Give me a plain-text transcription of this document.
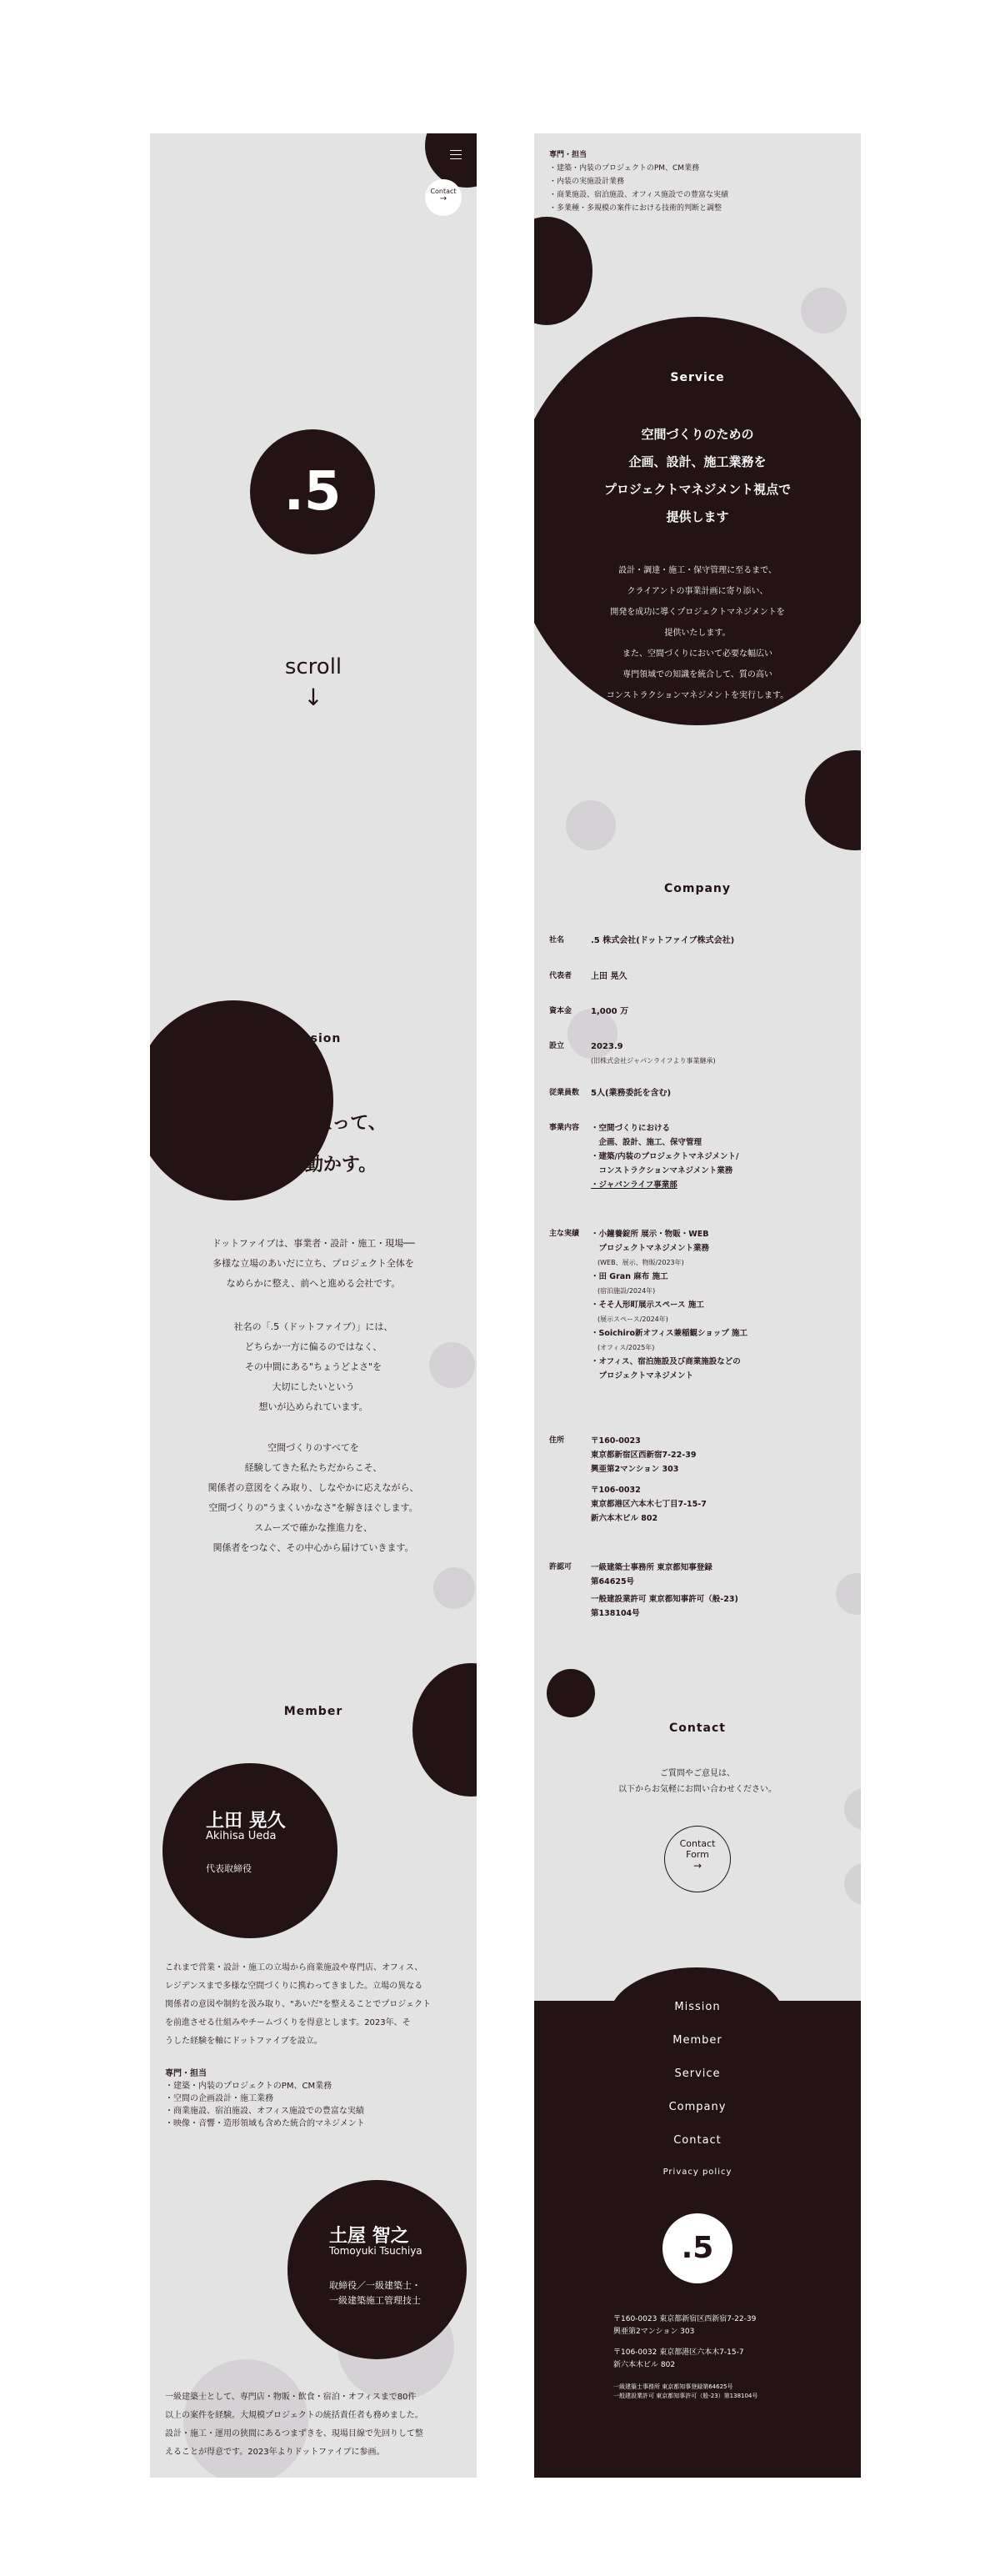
Contact
→
.5
scroll
↓
Mission
あいだに立って、
空間を動かす。
ドットファイブは、事業者・設計・施工・現場──
多様な立場のあいだに立ち、プロジェクト全体を
なめらかに整え、前へと進める会社です。
社名の「.5（ドットファイブ）」には、
どちらか一方に偏るのではなく、
その中間にある"ちょうどよさ"を
大切にしたいという
想いが込められています。
空間づくりのすべてを
経験してきた私たちだからこそ、
関係者の意図をくみ取り、しなやかに応えながら、
空間づくりの"うまくいかなさ"を解きほぐします。
スムーズで確かな推進力を、
関係者をつなぐ、その中心から届けていきます。
Member
上田 晃久
Akihisa Ueda
代表取締役
これまで営業・設計・施工の立場から商業施設や専門店、オフィス、
レジデンスまで多様な空間づくりに携わってきました。立場の異なる
関係者の意図や制約を汲み取り、"あいだ"を整えることでプロジェクト
を前進させる仕組みやチームづくりを得意とします。2023年、そ
うした経験を軸にドットファイブを設立。
専門・担当
・建築・内装のプロジェクトのPM、CM業務
・空間の企画設計・施工業務
・商業施設、宿泊施設、オフィス施設での豊富な実績
・映像・音響・造形領域も含めた統合的マネジメント
土屋 智之
Tomoyuki Tsuchiya
取締役／一級建築士・
一級建築施工管理技士
一級建築士として、専門店・物販・飲食・宿泊・オフィスまで80件
以上の案件を経験。大規模プロジェクトの統括責任者も務めました。
設計・施工・運用の狭間にあるつまずきを、現場目線で先回りして整
えることが得意です。2023年よりドットファイブに参画。
専門・担当
・建築・内装のプロジェクトのPM、CM業務
・内装の実施設計業務
・商業施設、宿泊施設、オフィス施設での豊富な実績
・多業種・多規模の案件における技術的判断と調整
Service
空間づくりのための
企画、設計、施工業務を
プロジェクトマネジメント視点で
提供します
設計・調達・施工・保守管理に至るまで、
クライアントの事業計画に寄り添い、
開発を成功に導くプロジェクトマネジメントを
提供いたします。
また、空間づくりにおいて必要な幅広い
専門領域での知識を統合して、質の高い
コンストラクションマネジメントを実行します。
Company
社名	.5 株式会社(ドットファイブ株式会社)
代表者 上田 晃久
資本金 1,000 万
設立	2023.9
(旧株式会社ジャパンライフより事業継承)
従業員数 5人(業務委託を含む)
事業内容 ・空間づくりにおける
　企画、設計、施工、保守管理
・建築/内装のプロジェクトマネジメント/
　コンストラクションマネジメント業務
・ジャパンライフ事業部
主な実績 ・小鐘養錠所 展示・物販・WEB
　プロジェクトマネジメント業務
　(WEB、展示、物販/2023年)
・田 Gran 麻布 施工
　(宿泊施設/2024年)
・そそ人形町展示スペース 施工
　(展示スペース/2024年)
・Soichiro新オフィス兼稲観ショップ 施工
　(オフィス/2025年)
・オフィス、宿泊施設及び商業施設などの
　プロジェクトマネジメント
住所	〒160-0023
東京都新宿区西新宿7-22-39
興亜第2マンション 303
〒106-0032
東京都港区六本木七丁目7-15-7
新六本木ビル 802
許認可 一級建築士事務所 東京都知事登録
第64625号
一般建設業許可 東京都知事許可（般-23)
第138104号
Contact
ご質問やご意見は、
以下からお気軽にお問い合わせください。
Contact
Form
→
Mission
Member
Service
Company
Contact
Privacy policy
.5
〒160-0023 東京都新宿区西新宿7-22-39
興亜第2マンション 303
〒106-0032 東京都港区六本木7-15-7
新六本木ビル 802
一級建築士事務所 東京都知事登録第64625号
一般建設業許可 東京都知事許可（般-23）第138104号
